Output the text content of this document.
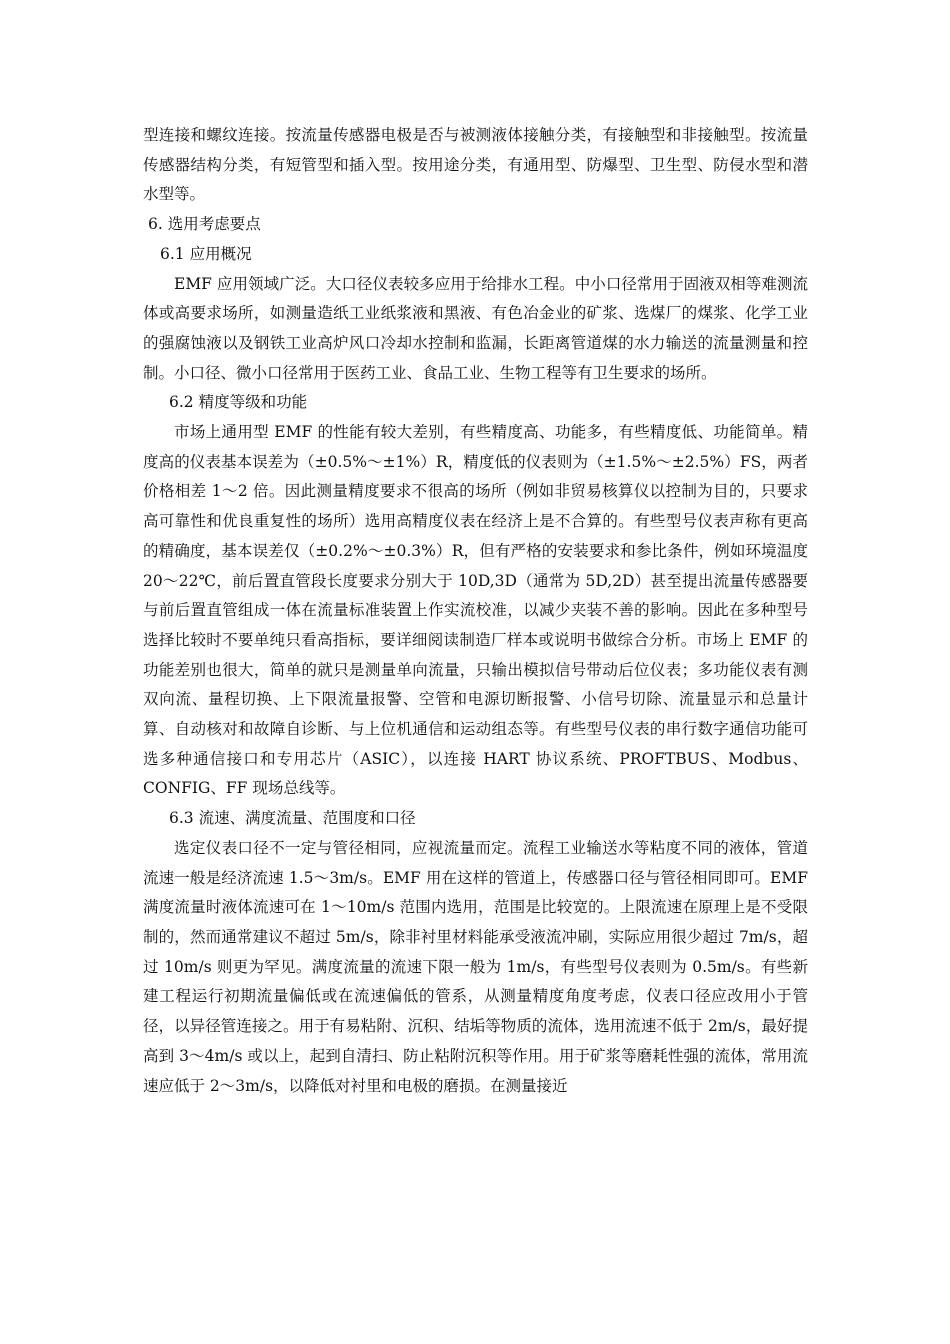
型连接和螺纹连接。按流量传感器电极是否与被测液体接触分类，有接触型和非接触型。按流量传感器结构分类，有短管型和插入型。按用途分类，有通用型、防爆型、卫生型、防侵水型和潜水型等。

6. 选用考虑要点

6.1 应用概况

EMF 应用领域广泛。大口径仪表较多应用于给排水工程。中小口径常用于固液双相等难测流体或高要求场所，如测量造纸工业纸浆液和黑液、有色冶金业的矿浆、选煤厂的煤浆、化学工业的强腐蚀液以及钢铁工业高炉风口冷却水控制和监漏，长距离管道煤的水力输送的流量测量和控制。小口径、微小口径常用于医药工业、食品工业、生物工程等有卫生要求的场所。

6.2 精度等级和功能

市场上通用型 EMF 的性能有较大差别，有些精度高、功能多，有些精度低、功能简单。精度高的仪表基本误差为（±0.5%～±1%）R，精度低的仪表则为（±1.5%～±2.5%）FS，两者价格相差 1～2 倍。因此测量精度要求不很高的场所（例如非贸易核算仪以控制为目的，只要求高可靠性和优良重复性的场所）选用高精度仪表在经济上是不合算的。有些型号仪表声称有更高的精确度，基本误差仅（±0.2%～±0.3%）R，但有严格的安装要求和参比条件，例如环境温度 20～22℃，前后置直管段长度要求分别大于 10D,3D（通常为 5D,2D）甚至提出流量传感器要与前后置直管组成一体在流量标准装置上作实流校准，以减少夹装不善的影响。因此在多种型号选择比较时不要单纯只看高指标，要详细阅读制造厂样本或说明书做综合分析。市场上 EMF 的功能差别也很大，简单的就只是测量单向流量，只输出模拟信号带动后位仪表；多功能仪表有测双向流、量程切换、上下限流量报警、空管和电源切断报警、小信号切除、流量显示和总量计算、自动核对和故障自诊断、与上位机通信和运动组态等。有些型号仪表的串行数字通信功能可选多种通信接口和专用芯片（ASIC），以连接 HART 协议系统、PROFTBUS、Modbus、CONFIG、FF 现场总线等。

6.3 流速、满度流量、范围度和口径

选定仪表口径不一定与管径相同，应视流量而定。流程工业输送水等粘度不同的液体，管道流速一般是经济流速 1.5～3m/s。EMF 用在这样的管道上，传感器口径与管径相同即可。EMF 满度流量时液体流速可在 1～10m/s 范围内选用，范围是比较宽的。上限流速在原理上是不受限制的，然而通常建议不超过 5m/s，除非衬里材料能承受液流冲刷，实际应用很少超过 7m/s，超过 10m/s 则更为罕见。满度流量的流速下限一般为 1m/s，有些型号仪表则为 0.5m/s。有些新建工程运行初期流量偏低或在流速偏低的管系，从测量精度角度考虑，仪表口径应改用小于管径，以异径管连接之。用于有易粘附、沉积、结垢等物质的流体，选用流速不低于 2m/s，最好提高到 3～4m/s 或以上，起到自清扫、防止粘附沉积等作用。用于矿浆等磨耗性强的流体，常用流速应低于 2～3m/s，以降低对衬里和电极的磨损。在测量接近
